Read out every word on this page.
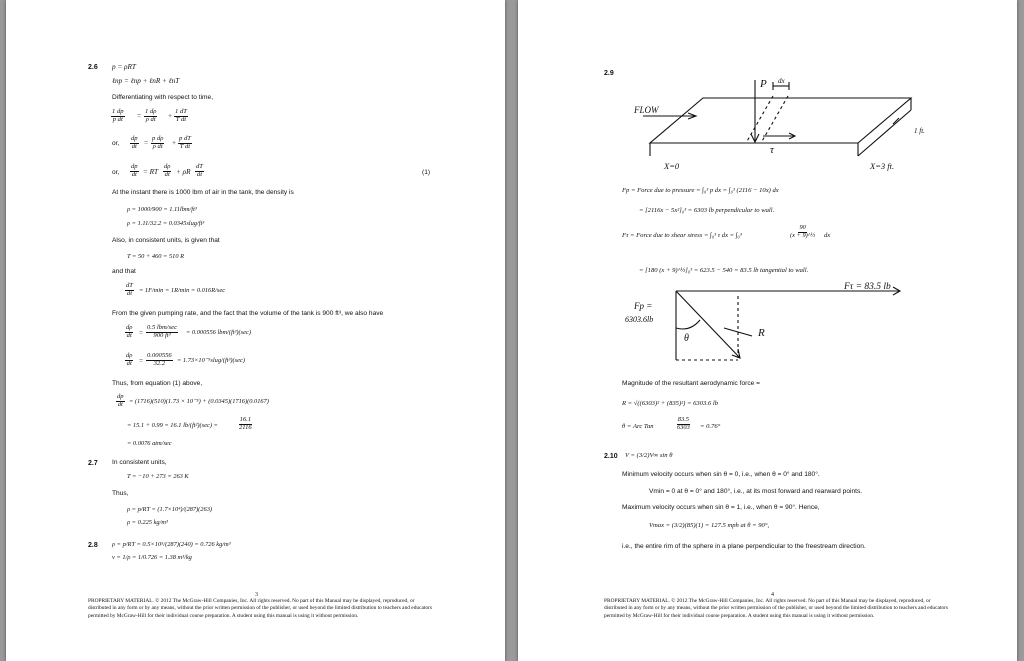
2.6 p = ρRT
ℓnp = ℓnp + ℓnR + ℓnT
Differentiating with respect to time,
$\frac{1 dp}{\text{p dt}} = \frac{1 d\rho}{\text{ρ dt}} + \frac{1 dT}{\text{T dt}}$
or, $\frac{dp}{dt} = \frac{\text{p dρ}}{\text{ρ dt}} + \frac{\text{p dT}}{\text{T dt}}$
or, $\frac{dp}{dt}$ = RT $\frac{d\rho}{dt} + \rho R \frac{dT}{dt}$	(1)
At the instant there is 1000 lbm of air in the tank, the density is
ρ = 1000/900 = 1.11lbm/ft³
ρ = 1.11/32.2 = 0.0345slug/ft³
Also, in consistent units, is given that
T = 50 + 460 = 510 R
and that
$\frac{dT}{dt} = 1F/\min = 1R/\min = 0.016R/\sec$
From the given pumping rate, and the fact that the volume of the tank is 900 ft³, we also have
$\frac{d\rho}{dt}$ =
0.5 lbm/sec
900 ft³ = 0.000556 lbm/(ft³)(sec)
$\frac{d\rho}{dt} = \frac{0.000556}{32.2}$ = 1.73×10⁻⁵slug/(ft³)(sec)
Thus, from equation (1) above,
$\frac{dp}{dt} = (1716)(510)(1.73 \times 10^{-5}) + (0.0345)(1716)(0.0167)$
= 15.1 + 0.99 = 16.1 lb/(ft²)(sec) =	$\frac{16.1}{2116}$
= 0.0076 atm/sec
2.7 In consistent units,
T = −10 + 273 = 263 K
Thus,
ρ = p/RT = (1.7×10⁴)/(287)(263)
ρ = 0.225 kg/m³
2.8 ρ = p/RT = 0.5×10⁵/(287)(240) = 0.726 kg/m³
v = 1/ρ = 1/0.726 = 1.38 m³/kg
3
PROPRIETARY MATERIAL. © 2012 The McGraw-Hill Companies, Inc. All rights reserved. No part of this Manual may be displayed, reproduced, or distributed in any form or by any means, without the prior written permission of the publisher, or used beyond the limited distribution to teachers and educators permitted by McGraw-Hill for their individual course preparation. A student using this manual is using it without permission.
2.9
FLOW
P dx
τ
1 ft.
X=0	X=3 ft.
Fp = Force due to pressure = ∫₀³ p dx = ∫₀³ (2116 − 10x) dx
= [2116x − 5x²]₀³ = 6303 lb perpendicular to wall.
Fτ = Force due to shear stress = ∫₀³ τ dx = ∫₀³	$\frac{90}{\text{(x + 9)\textasciicircum{}½}}$ dx
= [180 (x + 9)^½]₀³ = 623.5 − 540 = 83.5 lb tangential to wall.
Fτ = 83.5 lb
Fp =
6303.6lb
θ	R
Magnitude of the resultant aerodynamic force =
R = √((6303)² + (835)²) = 6303.6 lb
θ = Arc Tan	$\frac{83.5}{6303} = 0.76^\circ$
2.10 V = (3/2)V∞ sin θ
Minimum velocity occurs when sin θ = 0, i.e., when θ = 0° and 180°.
Vmin = 0 at θ = 0° and 180°, i.e., at its most forward and rearward points.
Maximum velocity occurs when sin θ = 1, i.e., when θ = 90°. Hence,
Vmax = (3/2)(85)(1) = 127.5 mph at θ = 90°,
i.e., the entire rim of the sphere in a plane perpendicular to the freestream direction.
4
PROPRIETARY MATERIAL. © 2012 The McGraw-Hill Companies, Inc. All rights reserved. No part of this Manual may be displayed, reproduced, or distributed in any form or by any means, without the prior written permission of the publisher, or used beyond the limited distribution to teachers and educators permitted by McGraw-Hill for their individual course preparation. A student using this manual is using it without permission.
